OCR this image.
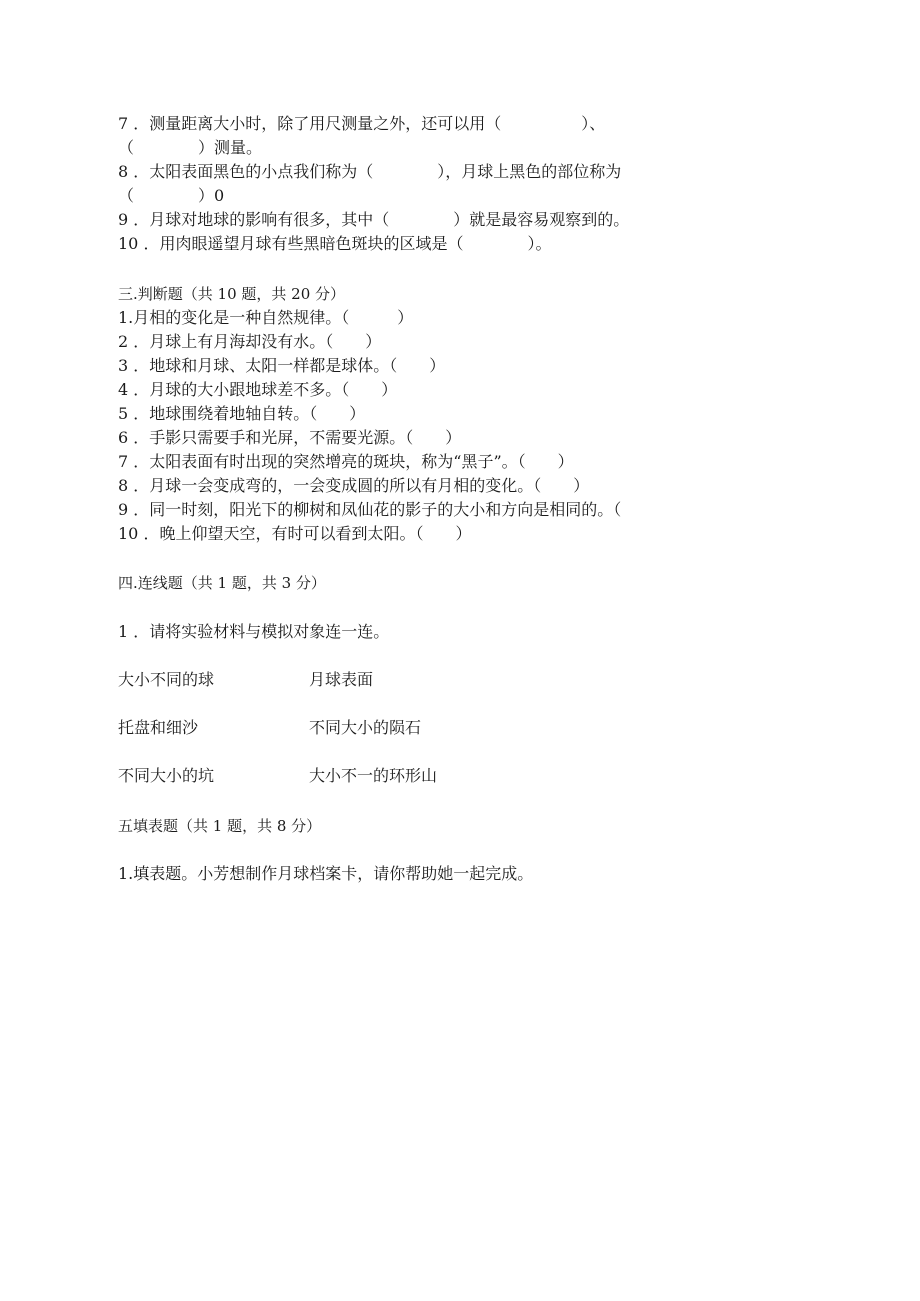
7 ．测量距离大小时，除了用尺测量之外，还可以用（　　　　　）、
（　　　　）测量。
8 ．太阳表面黑色的小点我们称为（　　　　），月球上黑色的部位称为
（　　　　）0
9 ．月球对地球的影响有很多，其中（　　　　）就是最容易观察到的。
10 ．用肉眼遥望月球有些黑暗色斑块的区域是（　　　　）。
三.判断题（共 10 题，共 20 分）
1.月相的变化是一种自然规律。（　　　）
2 ．月球上有月海却没有水。（　　）
3 ．地球和月球、太阳一样都是球体。（　　）
4 ．月球的大小跟地球差不多。（　　）
5 ．地球围绕着地轴自转。（　　）
6 ．手影只需要手和光屏，不需要光源。（　　）
7 ．太阳表面有时出现的突然增亮的斑块，称为“黑子”。（　　）
8 ．月球一会变成弯的，一会变成圆的所以有月相的变化。（　　）
9 ．同一时刻，阳光下的柳树和凤仙花的影子的大小和方向是相同的。（
10 ．晚上仰望天空，有时可以看到太阳。（　　）
四.连线题（共 1 题，共 3 分）
1 ．请将实验材料与模拟对象连一连。
大小不同的球	月球表面
托盘和细沙	不同大小的陨石
不同大小的坑	大小不一的环形山
五填表题（共 1 题，共 8 分）
1.填表题。小芳想制作月球档案卡，请你帮助她一起完成。
